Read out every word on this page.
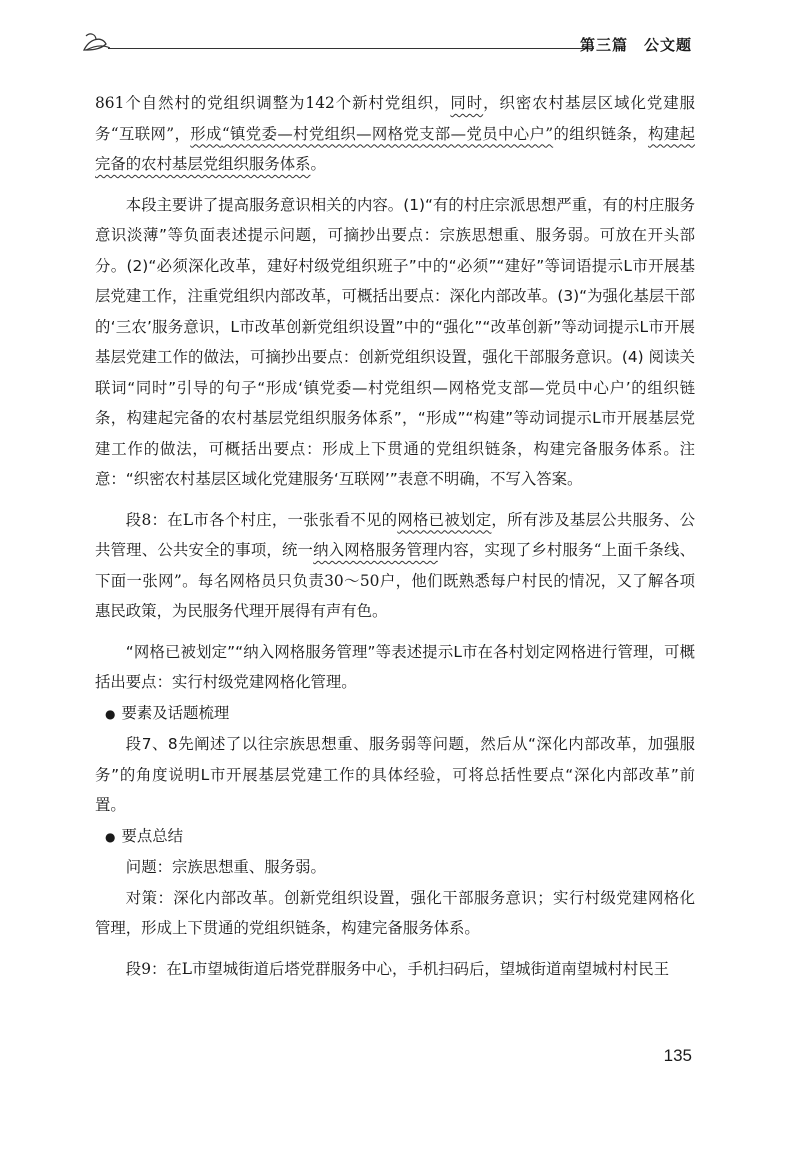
第三篇　公文题

861个自然村的党组织调整为142个新村党组织，同时，织密农村基层区域化党建服务“互联网”，形成“镇党委—村党组织—网格党支部—党员中心户”的组织链条，构建起完备的农村基层党组织服务体系。

本段主要讲了提高服务意识相关的内容。(1)“有的村庄宗派思想严重，有的村庄服务意识淡薄”等负面表述提示问题，可摘抄出要点：宗族思想重、服务弱。可放在开头部分。(2)“必须深化改革，建好村级党组织班子”中的“必须”“建好”等词语提示L市开展基层党建工作，注重党组织内部改革，可概括出要点：深化内部改革。(3)“为强化基层干部的‘三农’服务意识，L市改革创新党组织设置”中的“强化”“改革创新”等动词提示L市开展基层党建工作的做法，可摘抄出要点：创新党组织设置，强化干部服务意识。(4) 阅读关联词“同时”引导的句子“形成‘镇党委—村党组织—网格党支部—党员中心户’的组织链条，构建起完备的农村基层党组织服务体系”，“形成”“构建”等动词提示L市开展基层党建工作的做法，可概括出要点：形成上下贯通的党组织链条，构建完备服务体系。注意：“织密农村基层区域化党建服务‘互联网’”表意不明确，不写入答案。

段8：在L市各个村庄，一张张看不见的网格已被划定，所有涉及基层公共服务、公共管理、公共安全的事项，统一纳入网格服务管理内容，实现了乡村服务“上面千条线、下面一张网”。每名网格员只负责30～50户，他们既熟悉每户村民的情况，又了解各项惠民政策，为民服务代理开展得有声有色。

“网格已被划定”“纳入网格服务管理”等表述提示L市在各村划定网格进行管理，可概括出要点：实行村级党建网格化管理。

● 要素及话题梳理

段7、8先阐述了以往宗族思想重、服务弱等问题，然后从“深化内部改革，加强服务”的角度说明L市开展基层党建工作的具体经验，可将总括性要点“深化内部改革”前置。

● 要点总结

问题：宗族思想重、服务弱。

对策：深化内部改革。创新党组织设置，强化干部服务意识；实行村级党建网格化管理，形成上下贯通的党组织链条，构建完备服务体系。

段9：在L市望城街道后塔党群服务中心，手机扫码后，望城街道南望城村村民王

135
